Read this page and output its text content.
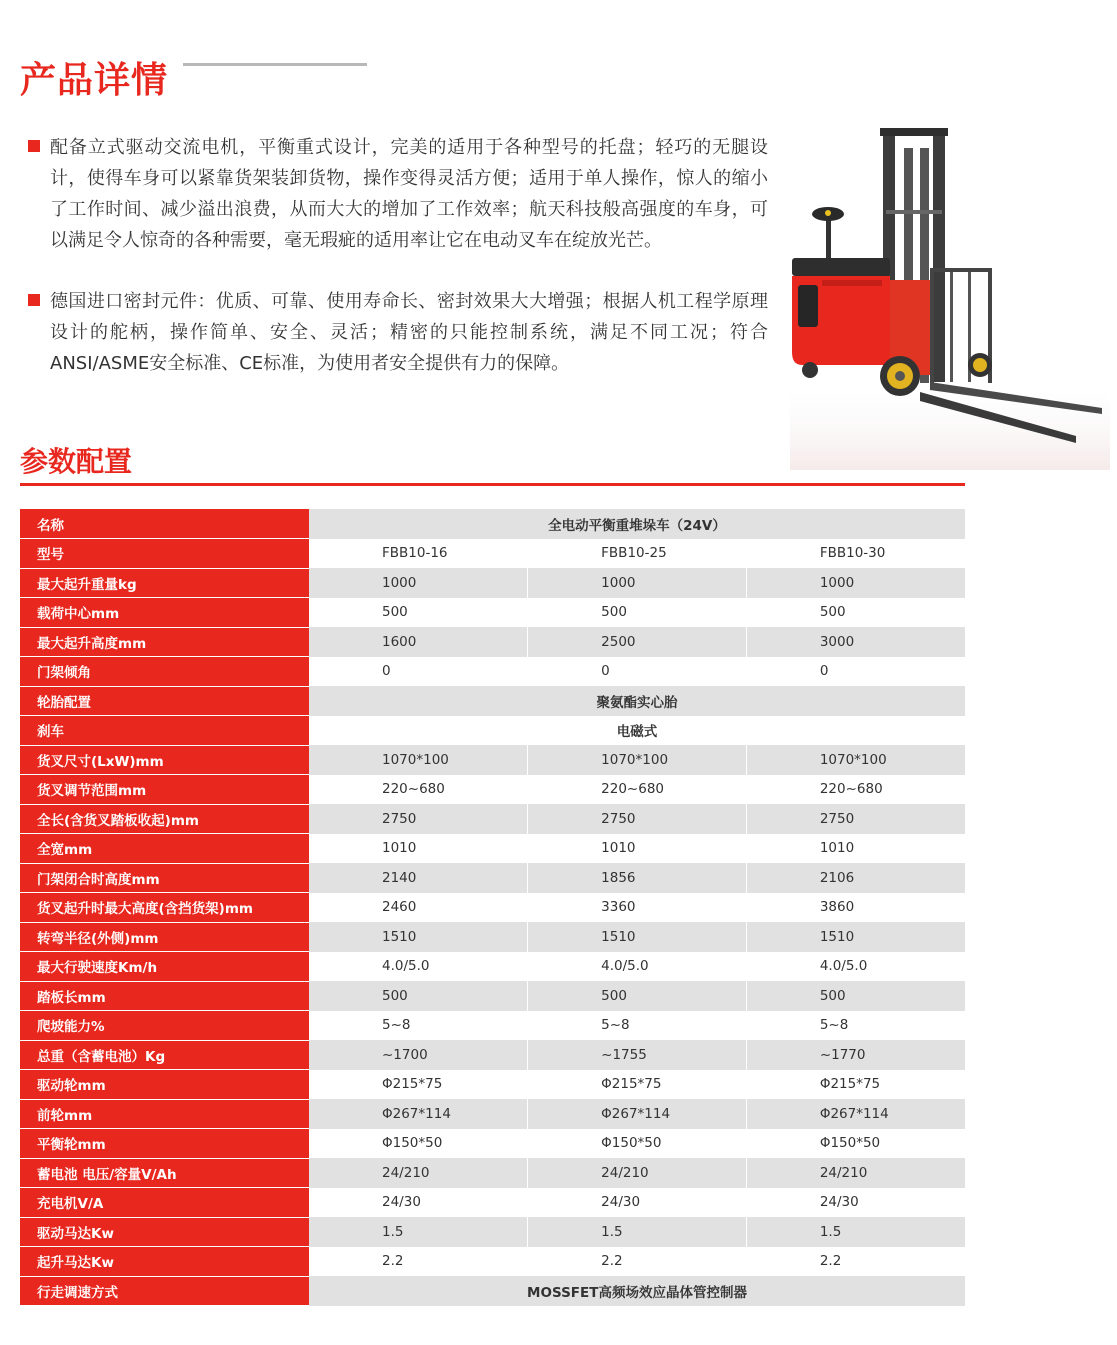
产品详情
配备立式驱动交流电机，平衡重式设计，完美的适用于各种型号的托盘；轻巧的无腿设计，使得车身可以紧靠货架装卸货物，操作变得灵活方便；适用于单人操作，惊人的缩小了工作时间、减少溢出浪费，从而大大的增加了工作效率；航天科技般高强度的车身，可以满足令人惊奇的各种需要，毫无瑕疵的适用率让它在电动叉车在绽放光芒。
德国进口密封元件：优质、可靠、使用寿命长、密封效果大大增强；根据人机工程学原理设计的舵柄，操作简单、安全、灵活；精密的只能控制系统，满足不同工况；符合ANSI/ASME安全标准、CE标准，为使用者安全提供有力的保障。
参数配置
名称	全电动平衡重堆垛车（24V）		
型号	FBB10-16	FBB10-25	FBB10-30
最大起升重量kg	1000	1000	1000
载荷中心mm	500	500	500
最大起升高度mm	1600	2500	3000
门架倾角	0	0	0
轮胎配置	聚氨酯实心胎		
刹车	电磁式		
货叉尺寸(LxW)mm	1070*100	1070*100	1070*100
货叉调节范围mm	220~680	220~680	220~680
全长(含货叉踏板收起)mm	2750	2750	2750
全宽mm	1010	1010	1010
门架闭合时高度mm	2140	1856	2106
货叉起升时最大高度(含挡货架)mm	2460	3360	3860
转弯半径(外侧)mm	1510	1510	1510
最大行驶速度Km/h	4.0/5.0	4.0/5.0	4.0/5.0
踏板长mm	500	500	500
爬坡能力%	5~8	5~8	5~8
总重（含蓄电池）Kg	~1700	~1755	~1770
驱动轮mm	Φ215*75	Φ215*75	Φ215*75
前轮mm	Φ267*114	Φ267*114	Φ267*114
平衡轮mm	Φ150*50	Φ150*50	Φ150*50
蓄电池 电压/容量V/Ah	24/210	24/210	24/210
充电机V/A	24/30	24/30	24/30
驱动马达Kw	1.5	1.5	1.5
起升马达Kw	2.2	2.2	2.2
行走调速方式	MOSSFET高频场效应晶体管控制器		
